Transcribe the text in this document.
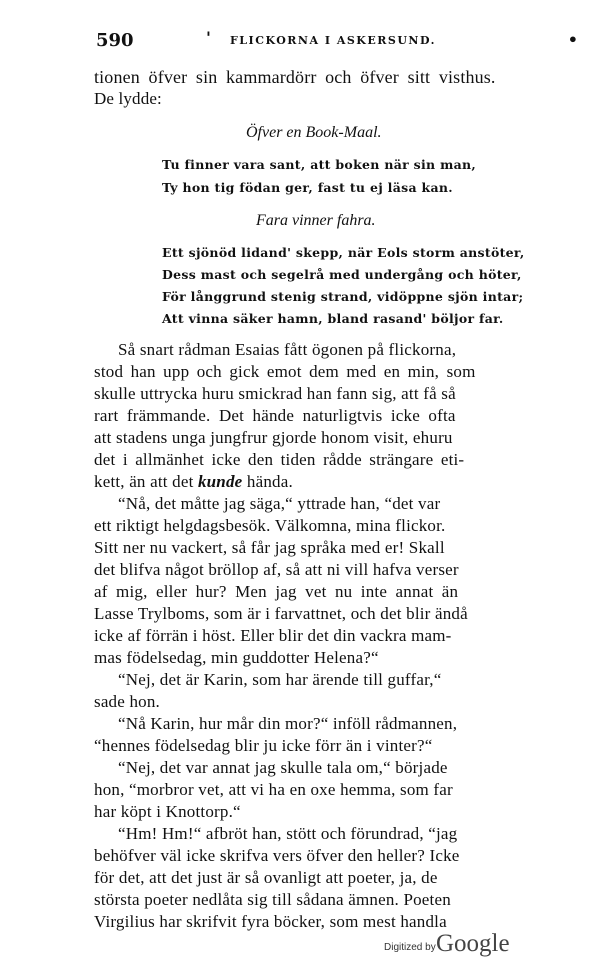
590	' FLICKORNA I ASKERSUND.	•
tionen öfver sin kammardörr och öfver sitt visthus.
De lydde:
Öfver en Book-Maal.
Tu finner vara sant, att boken när sin man,
Ty hon tig födan ger, fast tu ej läsa kan.
Fara vinner fahra.
Ett sjönöd lidand' skepp, när Eols storm anstöter,
Dess mast och segelrå med undergång och höter,
För långgrund stenig strand, vidöppne sjön intar;
Att vinna säker hamn, bland rasand' böljor far.
Så snart rådman Esaias fått ögonen på flickorna,
stod han upp och gick emot dem med en min, som
skulle uttrycka huru smickrad han fann sig, att få så
rart främmande. Det hände naturligtvis icke ofta
att stadens unga jungfrur gjorde honom visit, ehuru
det i allmänhet icke den tiden rådde strängare eti-
kett, än att det kunde hända.
“Nå, det måtte jag säga,“ yttrade han, “det var
ett riktigt helgdagsbesök. Välkomna, mina flickor.
Sitt ner nu vackert, så får jag språka med er! Skall
det blifva något bröllop af, så att ni vill hafva verser
af mig, eller hur? Men jag vet nu inte annat än
Lasse Trylboms, som är i farvattnet, och det blir ändå
icke af förrän i höst. Eller blir det din vackra mam-
mas födelsedag, min guddotter Helena?“
“Nej, det är Karin, som har ärende till guffar,“
sade hon.
“Nå Karin, hur mår din mor?“ inföll rådmannen,
“hennes födelsedag blir ju icke förr än i vinter?“
“Nej, det var annat jag skulle tala om,“ började
hon, “morbror vet, att vi ha en oxe hemma, som far
har köpt i Knottorp.“
“Hm! Hm!“ afbröt han, stött och förundrad, “jag
behöfver väl icke skrifva vers öfver den heller? Icke
för det, att det just är så ovanligt att poeter, ja, de
största poeter nedlåta sig till sådana ämnen. Poeten
Virgilius har skrifvit fyra böcker, som mest handla
Digitized by Google
